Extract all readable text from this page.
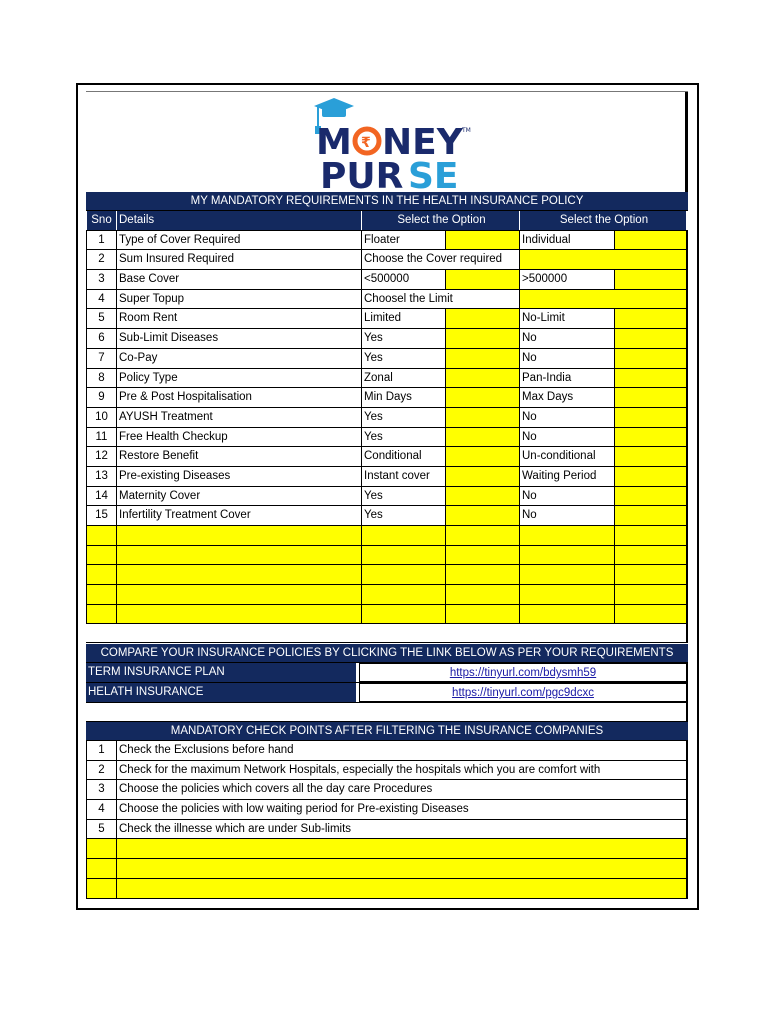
M ₹ NEY TM
PUR SE
MY MANDATORY REQUIREMENTS IN THE HEALTH INSURANCE POLICY
Sno Details	Select the Option	Select the Option
1	Type of Cover Required	Floater	Individual
2	Sum Insured Required	Choose the Cover required
3	Base Cover	<500000	>500000
4	Super Topup	Choosel the Limit
5	Room Rent	Limited	No-Limit
6	Sub-Limit Diseases	Yes	No
7	Co-Pay	Yes	No
8	Policy Type	Zonal	Pan-India
9	Pre & Post Hospitalisation	Min Days	Max Days
10 AYUSH Treatment	Yes	No
11	Free Health Checkup	Yes	No
12 Restore Benefit	Conditional	Un-conditional
13 Pre-existing Diseases	Instant cover	Waiting Period
14 Maternity Cover	Yes	No
15 Infertility Treatment Cover	Yes	No
COMPARE YOUR INSURANCE POLICIES BY CLICKING THE LINK BELOW AS PER YOUR REQUIREMENTS
TERM INSURANCE PLAN	https://tinyurl.com/bdysmh59
HELATH INSURANCE	https://tinyurl.com/pgc9dcxc
MANDATORY CHECK POINTS AFTER FILTERING THE INSURANCE COMPANIES
1	Check the Exclusions before hand
2	Check for the maximum Network Hospitals, especially the hospitals which you are comfort with
3	Choose the policies which covers all the day care Procedures
4	Choose the policies with low waiting period for Pre-existing Diseases
5	Check the illnesse which are under Sub-limits
